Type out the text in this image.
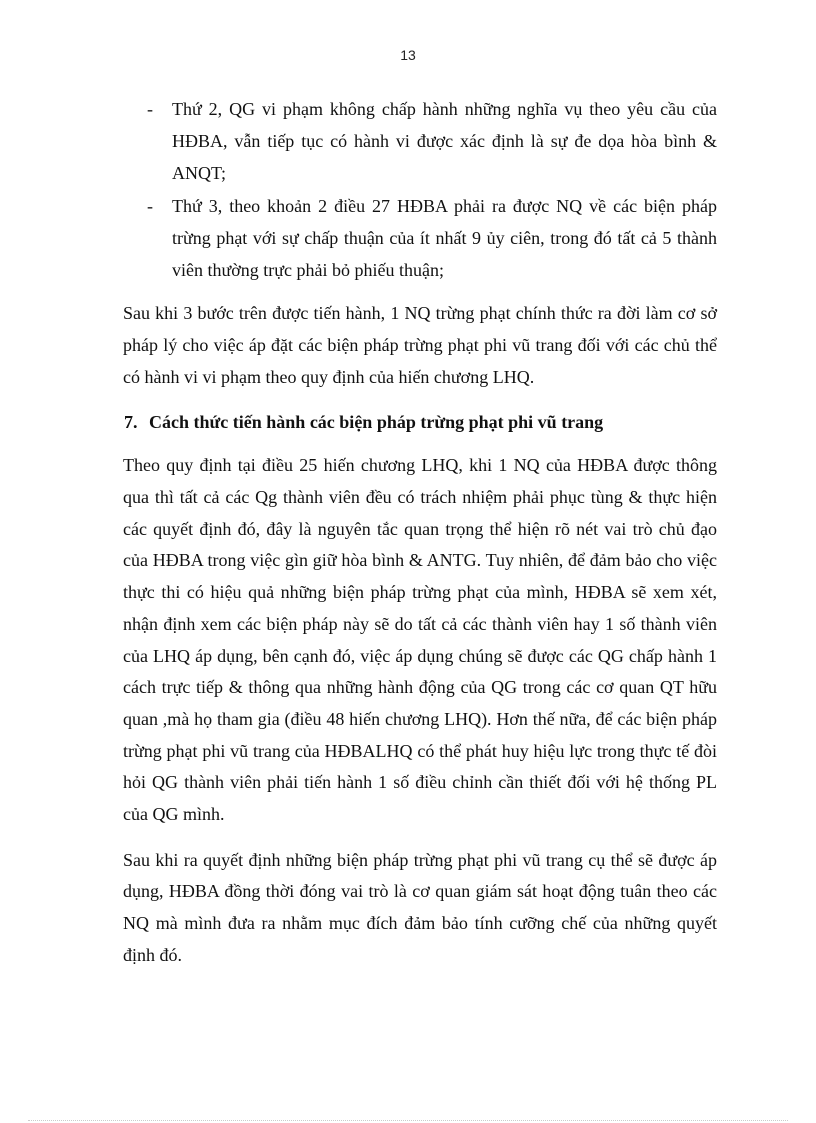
13
- Thứ 2, QG vi phạm không chấp hành những nghĩa vụ theo yêu cầu của HĐBA, vẫn tiếp tục có hành vi được xác định là sự đe dọa hòa bình & ANQT;
- Thứ 3, theo khoản 2 điều 27 HĐBA phải ra được NQ về các biện pháp trừng phạt với sự chấp thuận của ít nhất 9 ủy ciên, trong đó tất cả 5 thành viên thường trực phải bỏ phiếu thuận;

Sau khi 3 bước trên được tiến hành, 1 NQ trừng phạt chính thức ra đời làm cơ sở pháp lý cho việc áp đặt các biện pháp trừng phạt phi vũ trang đối với các chủ thể có hành vi vi phạm theo quy định của hiến chương LHQ.

7. Cách thức tiến hành các biện pháp trừng phạt phi vũ trang

Theo quy định tại điều 25 hiến chương LHQ, khi 1 NQ của HĐBA được thông qua thì tất cả các Qg thành viên đều có trách nhiệm phải phục tùng & thực hiện các quyết định đó, đây là nguyên tắc quan trọng thể hiện rõ nét vai trò chủ đạo của HĐBA trong việc gìn giữ hòa bình & ANTG. Tuy nhiên, để đảm bảo cho việc thực thi có hiệu quả những biện pháp trừng phạt của mình, HĐBA sẽ xem xét, nhận định xem các biện pháp này sẽ do tất cả các thành viên hay 1 số thành viên của LHQ áp dụng, bên cạnh đó, việc áp dụng chúng sẽ được các QG chấp hành 1 cách trực tiếp & thông qua những hành động của QG trong các cơ quan QT hữu quan ,mà họ tham gia (điều 48 hiến chương LHQ). Hơn thế nữa, để các biện pháp trừng phạt phi vũ trang của HĐBALHQ có thể phát huy hiệu lực trong thực tế đòi hỏi QG thành viên phải tiến hành 1 số điều chỉnh cần thiết đối với hệ thống PL của QG mình.

Sau khi ra quyết định những biện pháp trừng phạt phi vũ trang cụ thể sẽ được áp dụng, HĐBA đồng thời đóng vai trò là cơ quan giám sát hoạt động tuân theo các NQ mà mình đưa ra nhằm mục đích đảm bảo tính cưỡng chế của những quyết định đó.
